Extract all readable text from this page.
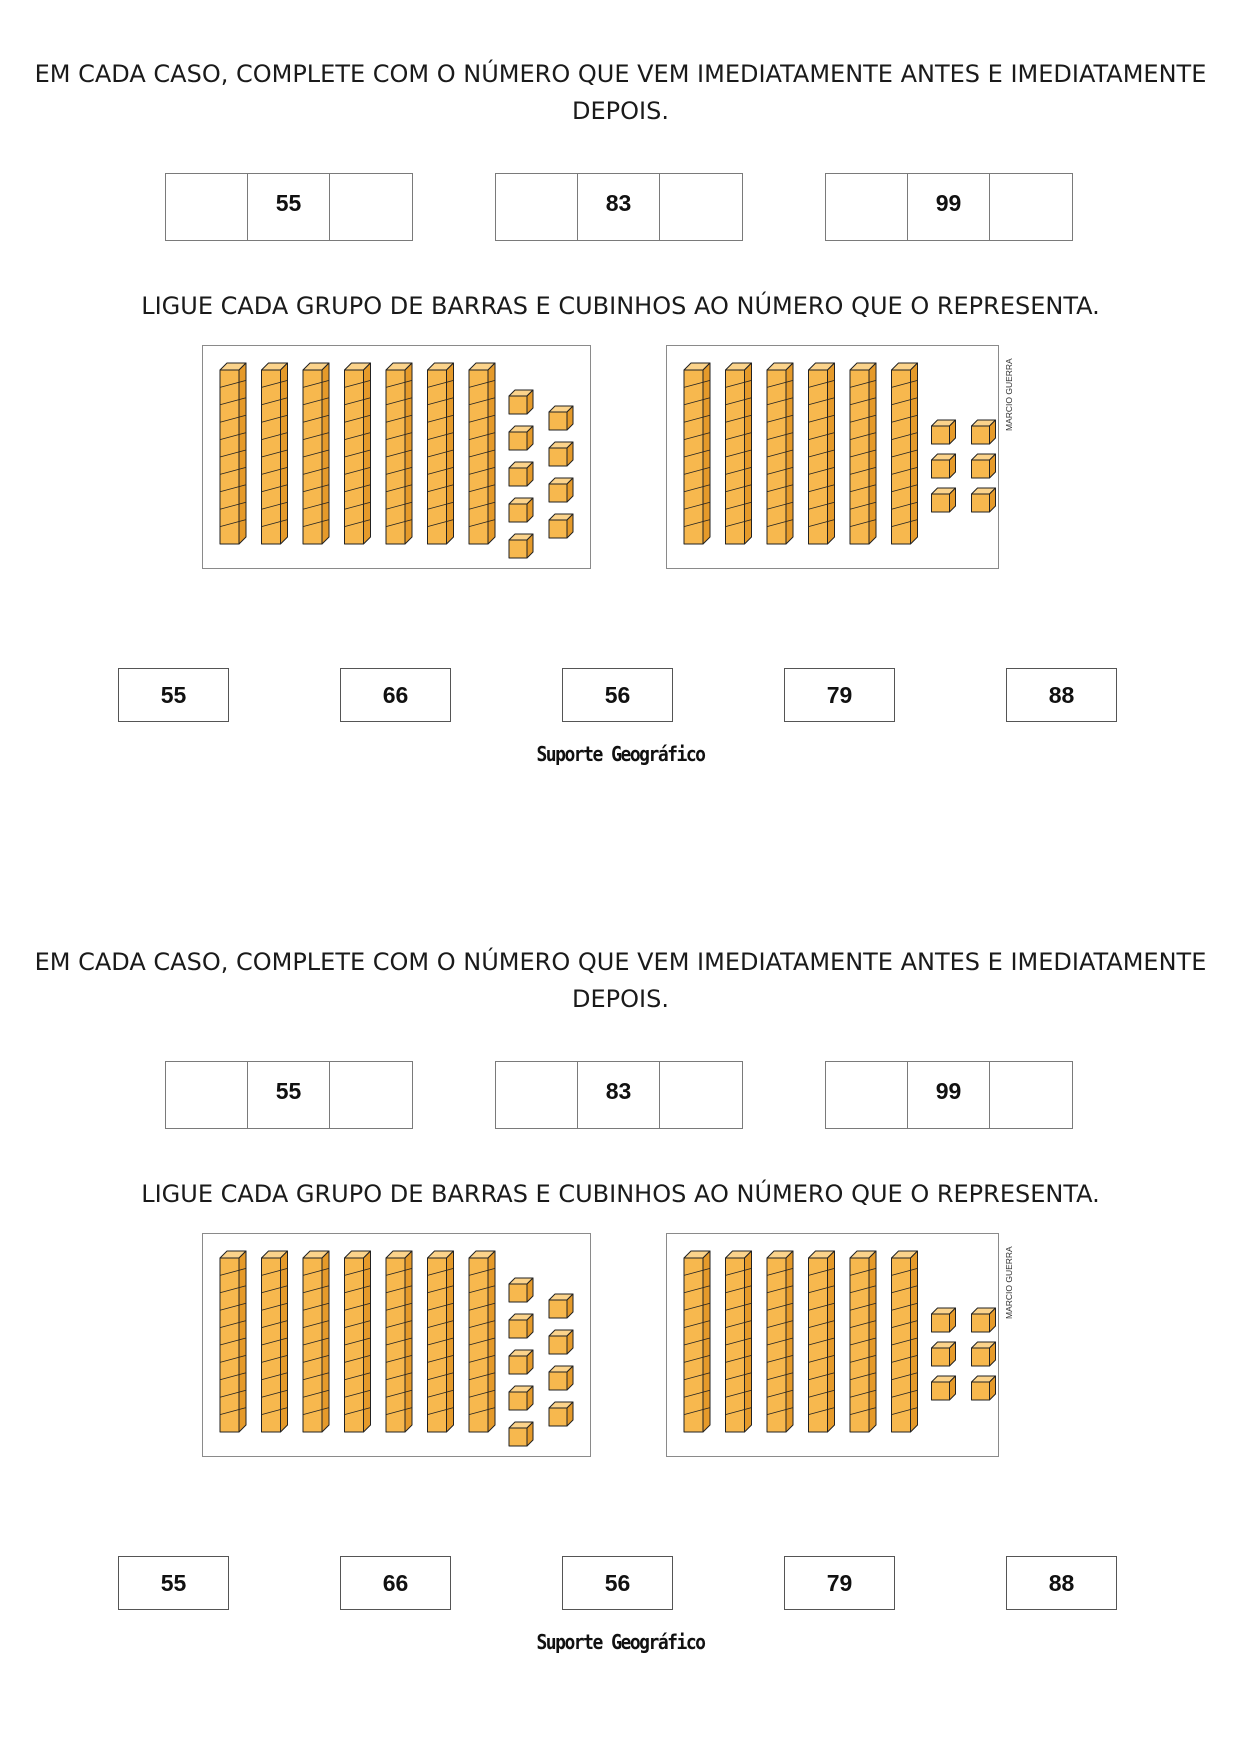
EM CADA CASO, COMPLETE COM O NÚMERO QUE VEM IMEDIATAMENTE ANTES E IMEDIATAMENTE DEPOIS.
55	83	99
LIGUE CADA GRUPO DE BARRAS E CUBINHOS AO NÚMERO QUE O REPRESENTA.
MARCIO GUERRA
55	66	56	79	88
Suporte Geográfico
EM CADA CASO, COMPLETE COM O NÚMERO QUE VEM IMEDIATAMENTE ANTES E IMEDIATAMENTE DEPOIS.
55	83	99
LIGUE CADA GRUPO DE BARRAS E CUBINHOS AO NÚMERO QUE O REPRESENTA.
MARCIO GUERRA
55	66	56	79	88
Suporte Geográfico
